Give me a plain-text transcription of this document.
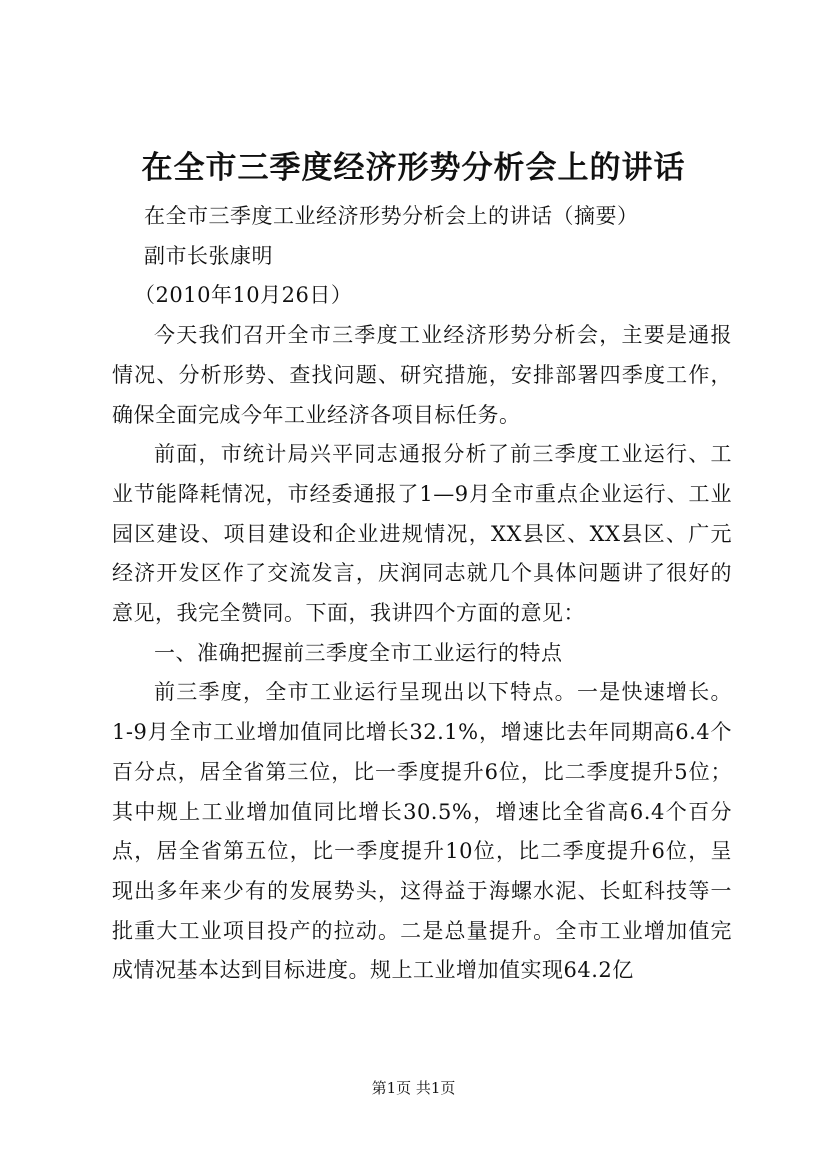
在全市三季度经济形势分析会上的讲话

在全市三季度工业经济形势分析会上的讲话（摘要）

副市长张康明

（2010年10月26日）

今天我们召开全市三季度工业经济形势分析会，主要是通报情况、分析形势、查找问题、研究措施，安排部署四季度工作，确保全面完成今年工业经济各项目标任务。

前面，市统计局兴平同志通报分析了前三季度工业运行、工业节能降耗情况，市经委通报了1—9月全市重点企业运行、工业园区建设、项目建设和企业进规情况，XX县区、XX县区、广元经济开发区作了交流发言，庆润同志就几个具体问题讲了很好的意见，我完全赞同。下面，我讲四个方面的意见：

一、准确把握前三季度全市工业运行的特点

前三季度，全市工业运行呈现出以下特点。一是快速增长。1-9月全市工业增加值同比增长32.1%，增速比去年同期高6.4个百分点，居全省第三位，比一季度提升6位，比二季度提升5位；其中规上工业增加值同比增长30.5%，增速比全省高6.4个百分点，居全省第五位，比一季度提升10位，比二季度提升6位，呈现出多年来少有的发展势头，这得益于海螺水泥、长虹科技等一批重大工业项目投产的拉动。二是总量提升。全市工业增加值完成情况基本达到目标进度。规上工业增加值实现64.2亿

第1页 共1页
